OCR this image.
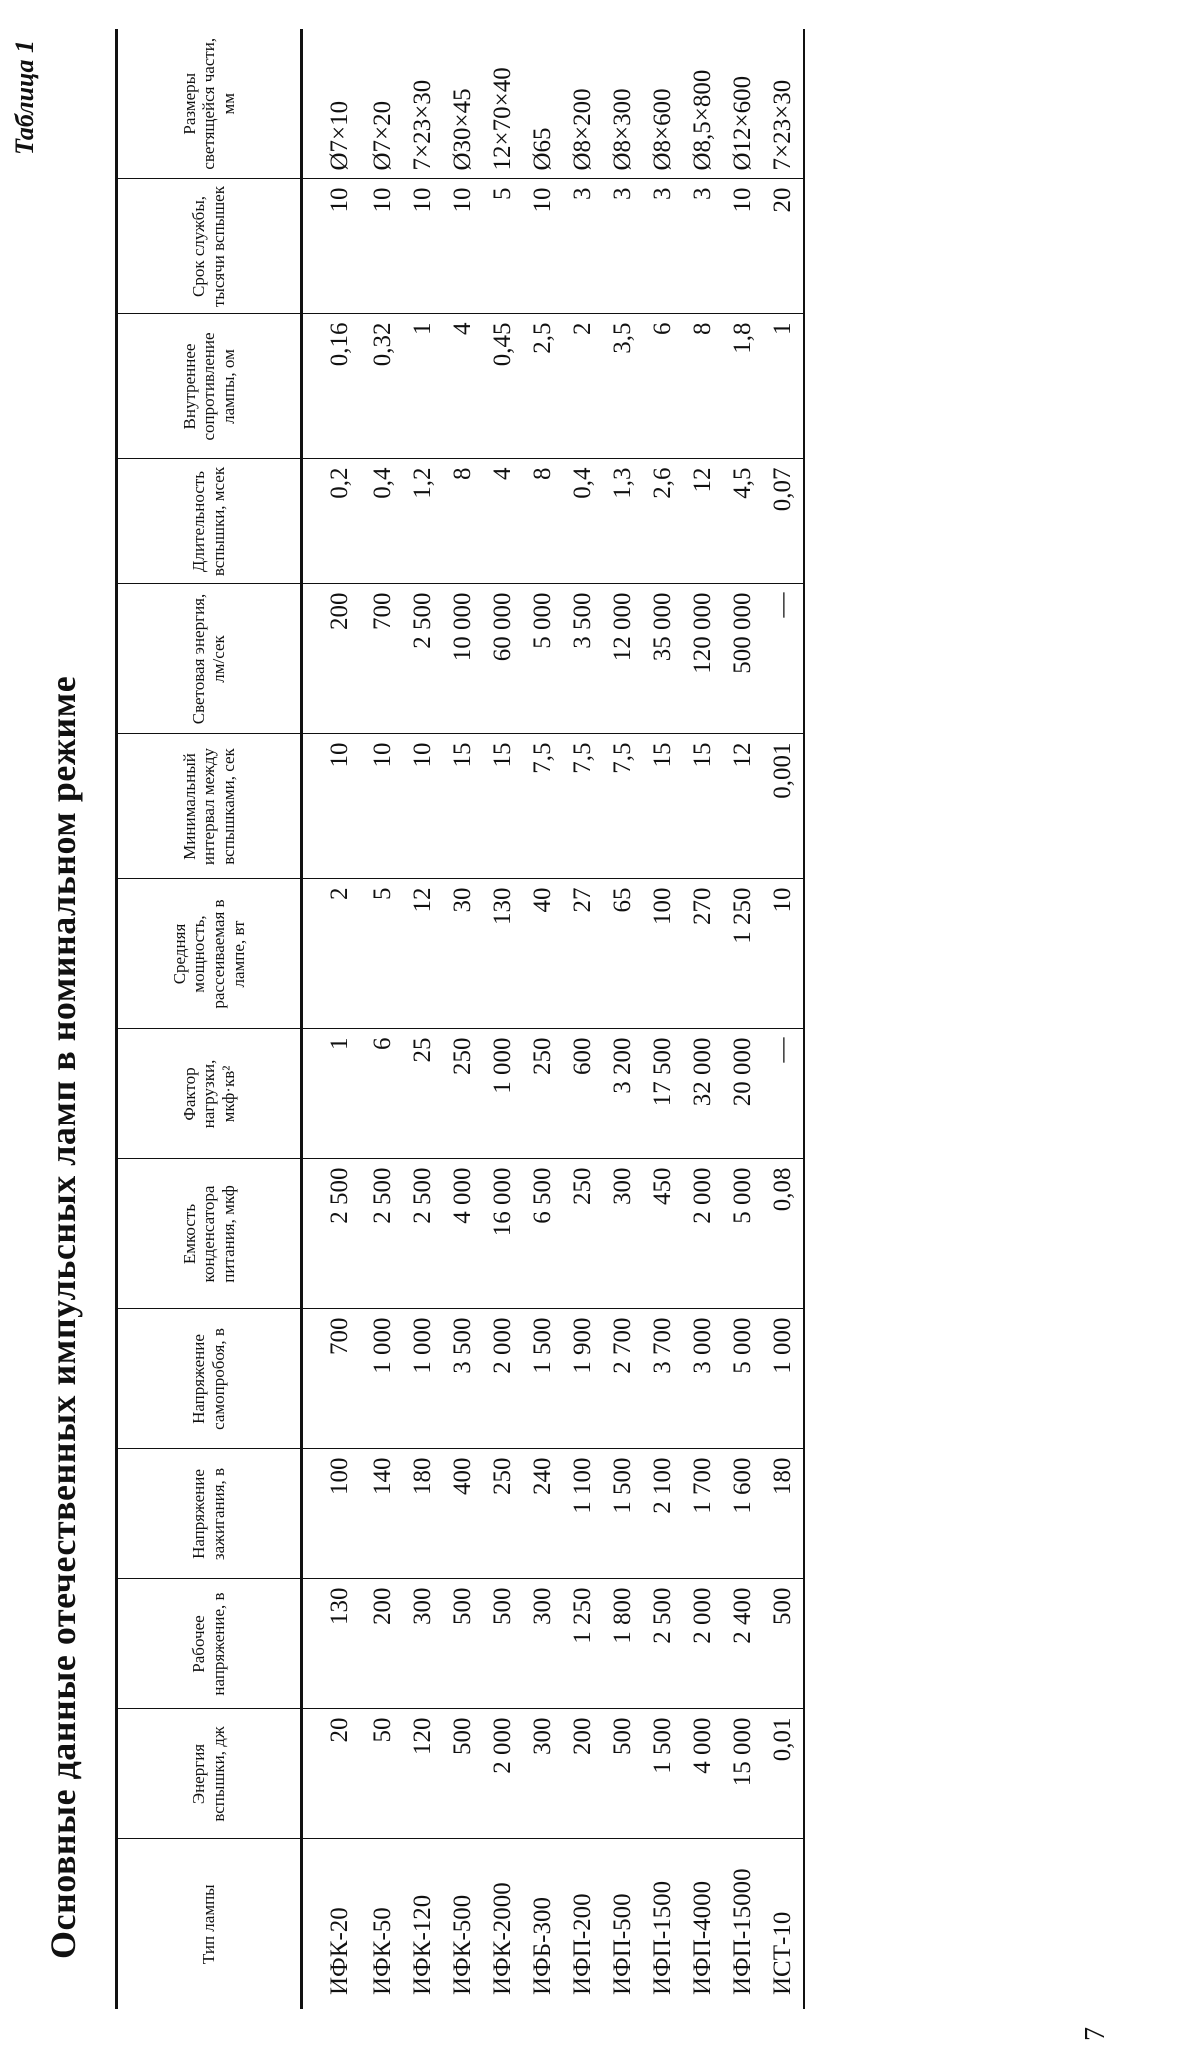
Основные данные отечественных импульсных ламп в номинальном режиме
Таблица 1
Тип лампы	Энергия вспышки, дж	Рабочее напряжение, в	Напряжение зажигания, в	Напряжение самопробоя, в	Емкость конденсатора питания, мкф	Фактор нагрузки, мкф·кв²	Средняя мощность, рассеиваемая в лампе, вт	Минимальный интервал между вспышками, сек	Световая энергия, лм/сек	Длительность вспышки, мсек	Внутреннее сопротивление лампы, ом	Срок службы, тысячи вспышек	Размеры светящейся части, мм
ИФК-20	20	130	100	700	2 500	1	2	10	200	0,2	0,16	10	Ø7×10
ИФК-50	50	200	140	1 000	2 500	6	5	10	700	0,4	0,32	10	Ø7×20
ИФК-120	120	300	180	1 000	2 500	25	12	10	2 500	1,2	1	10	7×23×30
ИФК-500	500	500	400	3 500	4 000	250	30	15	10 000	8	4	10	Ø30×45
ИФК-2000	2 000	500	250	2 000	16 000	1 000	130	15	60 000	4	0,45	5	12×70×40
ИФБ-300	300	300	240	1 500	6 500	250	40	7,5	5 000	8	2,5	10	Ø65
ИФП-200	200	1 250	1 100	1 900	250	600	27	7,5	3 500	0,4	2	3	Ø8×200
ИФП-500	500	1 800	1 500	2 700	300	3 200	65	7,5	12 000	1,3	3,5	3	Ø8×300
ИФП-1500	1 500	2 500	2 100	3 700	450	17 500	100	15	35 000	2,6	6	3	Ø8×600
ИФП-4000	4 000	2 000	1 700	3 000	2 000	32 000	270	15	120 000	12	8	3	Ø8,5×800
ИФП-15000	15 000	2 400	1 600	5 000	5 000	20 000	1 250	12	500 000	4,5	1,8	10	Ø12×600
ИСТ-10	0,01	500	180	1 000	0,08	—	10	0,001	—	0,07	1	20	7×23×30
7
